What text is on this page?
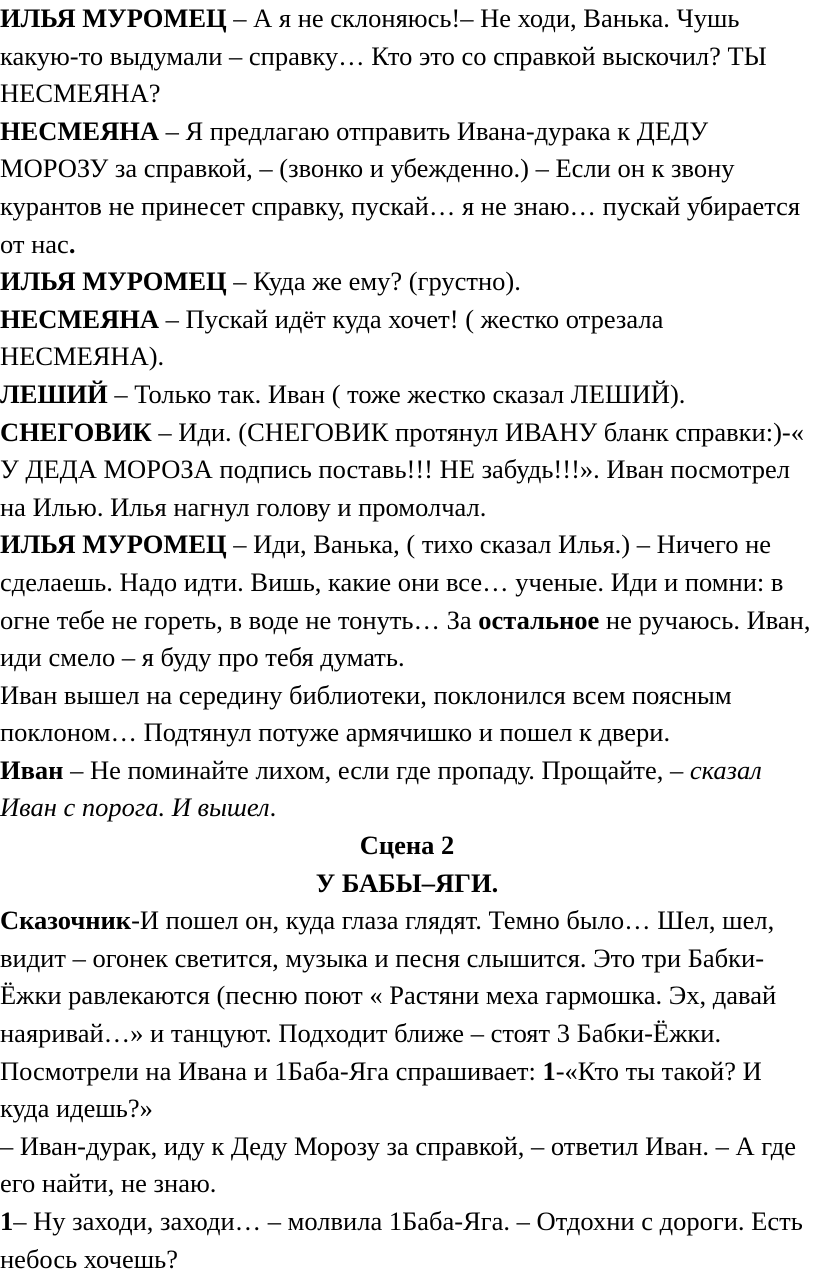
ИЛЬЯ МУРОМЕЦ – А я не склоняюсь!– Не ходи, Ванька. Чушь какую-то выдумали – справку… Кто это со справкой выскочил? ТЫ НЕСМЕЯНА?

НЕСМЕЯНА – Я предлагаю отправить Ивана-дурака к ДЕДУ МОРОЗУ за справкой, – (звонко и убежденно.) – Если он к звону курантов не принесет справку, пускай… я не знаю… пускай убирается от нас.

ИЛЬЯ МУРОМЕЦ – Куда же ему? (грустно).

НЕСМЕЯНА – Пускай идёт куда хочет! ( жестко отрезала НЕСМЕЯНА).

ЛЕШИЙ – Только так. Иван ( тоже жестко сказал ЛЕШИЙ).

СНЕГОВИК – Иди. (СНЕГОВИК протянул ИВАНУ бланк справки:)-« У ДЕДА МОРОЗА подпись поставь!!! НЕ забудь!!!». Иван посмотрел на Илью. Илья нагнул голову и промолчал.

ИЛЬЯ МУРОМЕЦ – Иди, Ванька, ( тихо сказал Илья.) – Ничего не сделаешь. Надо идти. Вишь, какие они все… ученые. Иди и помни: в огне тебе не гореть, в воде не тонуть… За остальное не ручаюсь. Иван, иди смело – я буду про тебя думать.

Иван вышел на середину библиотеки, поклонился всем поясным поклоном… Подтянул потуже армячишко и пошел к двери.

Иван – Не поминайте лихом, если где пропаду. Прощайте, – сказал Иван с порога. И вышел.

Сцена 2

У БАБЫ–ЯГИ.

Сказочник-И пошел он, куда глаза глядят. Темно было… Шел, шел, видит – огонек светится, музыка и песня слышится. Это три Бабки-Ёжки равлекаются (песню поют « Растяни меха гармошка. Эх, давай наяривай…» и танцуют. Подходит ближе – стоят 3 Бабки-Ёжки. Посмотрели на Ивана и 1Баба-Яга спрашивает: 1-«Кто ты такой? И куда идешь?»

– Иван-дурак, иду к Деду Морозу за справкой, – ответил Иван. – А где его найти, не знаю.

1– Ну заходи, заходи… – молвила 1Баба-Яга. – Отдохни с дороги. Есть небось хочешь?
